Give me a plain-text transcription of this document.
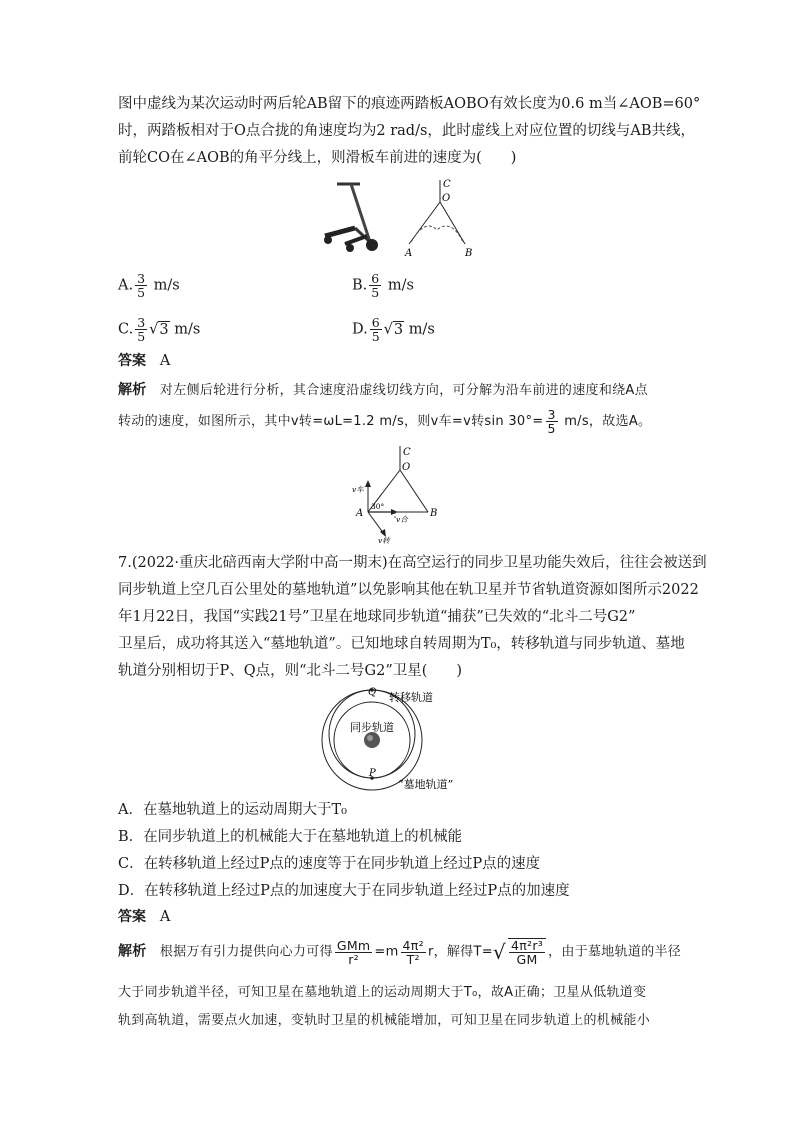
图中虚线为某次运动时两后轮AB留下的痕迹两踏板AOBO有效长度为0.6 m当∠AOB=60°
时，两踏板相对于O点合拢的角速度均为2 rad/s，此时虚线上对应位置的切线与AB共线，
前轮CO在∠AOB的角平分线上，则滑板车前进的速度为(　　)
C
O
A	B
A. $\frac{3}{5} m/s$	B. $\frac{6}{5} m/s$
C. $\frac{3}{5} √3$ m/s	D. $\frac{6}{5} √3$ m/s
答案 A
解析 对左侧后轮进行分析，其合速度沿虚线切线方向，可分解为沿车前进的速度和绕A点
转动的速度，如图所示，其中v转=ωL=1.2 m/s，则v车=v转$\sin 30^\circ= \frac{3}{5} m/s$，故选A。
C
O
A	B
v车
v合
v转
30°
7.(2022·重庆北碚西南大学附中高一期末)在高空运行的同步卫星功能失效后，往往会被送到
同步轨道上空几百公里处的墓地轨道”以免影响其他在轨卫星并节省轨道资源如图所示2022
年1月22日，我国“实践21号”卫星在地球同步轨道“捕获”已失效的“北斗二号G2”
卫星后，成功将其送入“墓地轨道”。已知地球自转周期为T₀，转移轨道与同步轨道、墓地
轨道分别相切于P、Q点，则“北斗二号G2”卫星(　　)
Q
P
转移轨道
同步轨道
“墓地轨道”
A．在墓地轨道上的运动周期大于T₀
B．在同步轨道上的机械能大于在墓地轨道上的机械能
C．在转移轨道上经过P点的速度等于在同步轨道上经过P点的速度
D．在转移轨道上经过P点的加速度大于在同步轨道上经过P点的加速度
答案 A
解析 根据万有引力提供向心力可得 $\frac{\text{GMm}}{\text{r²}} =m \frac{\text{4π²}}{\text{T²}}$ r，解得$T=√ \frac{\text{4π²r³}}{GM}$ ，由于墓地轨道的半径
大于同步轨道半径，可知卫星在墓地轨道上的运动周期大于T₀，故A正确；卫星从低轨道变
轨到高轨道，需要点火加速，变轨时卫星的机械能增加，可知卫星在同步轨道上的机械能小
